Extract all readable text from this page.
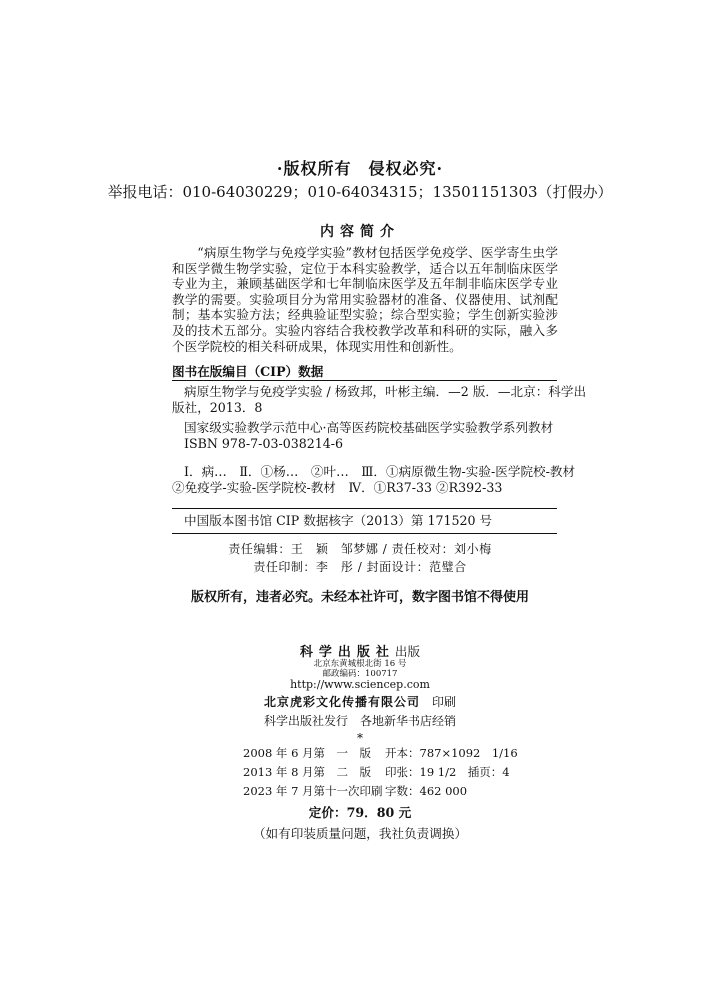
·版权所有　侵权必究·
举报电话：010-64030229；010-64034315；13501151303（打假办）
内容简介
“病原生物学与免疫学实验”教材包括医学免疫学、医学寄生虫学和医学微生物学实验，定位于本科实验教学，适合以五年制临床医学专业为主，兼顾基础医学和七年制临床医学及五年制非临床医学专业教学的需要。实验项目分为常用实验器材的准备、仪器使用、试剂配制；基本实验方法；经典验证型实验；综合型实验；学生创新实验涉及的技术五部分。实验内容结合我校教学改革和科研的实际，融入多个医学院校的相关科研成果，体现实用性和创新性。
图书在版编目（CIP）数据
病原生物学与免疫学实验 / 杨致邦，叶彬主编．—2 版．—北京：科学出
版社，2013．8
国家级实验教学示范中心·高等医药院校基础医学实验教学系列教材
ISBN 978-7-03-038214-6
Ⅰ．病…　Ⅱ．①杨…　②叶…　Ⅲ．①病原微生物-实验-医学院校-教材
②免疫学-实验-医学院校-教材　Ⅳ．①R37-33 ②R392-33
中国版本图书馆 CIP 数据核字（2013）第 171520 号
责任编辑：王　颖　邹梦娜 / 责任校对：刘小梅
责任印制：李　彤 / 封面设计：范璧合
版权所有，违者必究。未经本社许可，数字图书馆不得使用
科学出版社出版
北京东黄城根北街 16 号
邮政编码：100717
http://www.sciencep.com
北京虎彩文化传播有限公司　 印刷
科学出版社发行　各地新华书店经销
*
2008 年 6 月第　一　版 开本：787×1092　1/16
2013 年 8 月第　二　版 印张：19 1/2　插页：4
2023 年 7 月第十一次印刷 字数：462 000
定价：79．80 元
（如有印装质量问题，我社负责调换）
